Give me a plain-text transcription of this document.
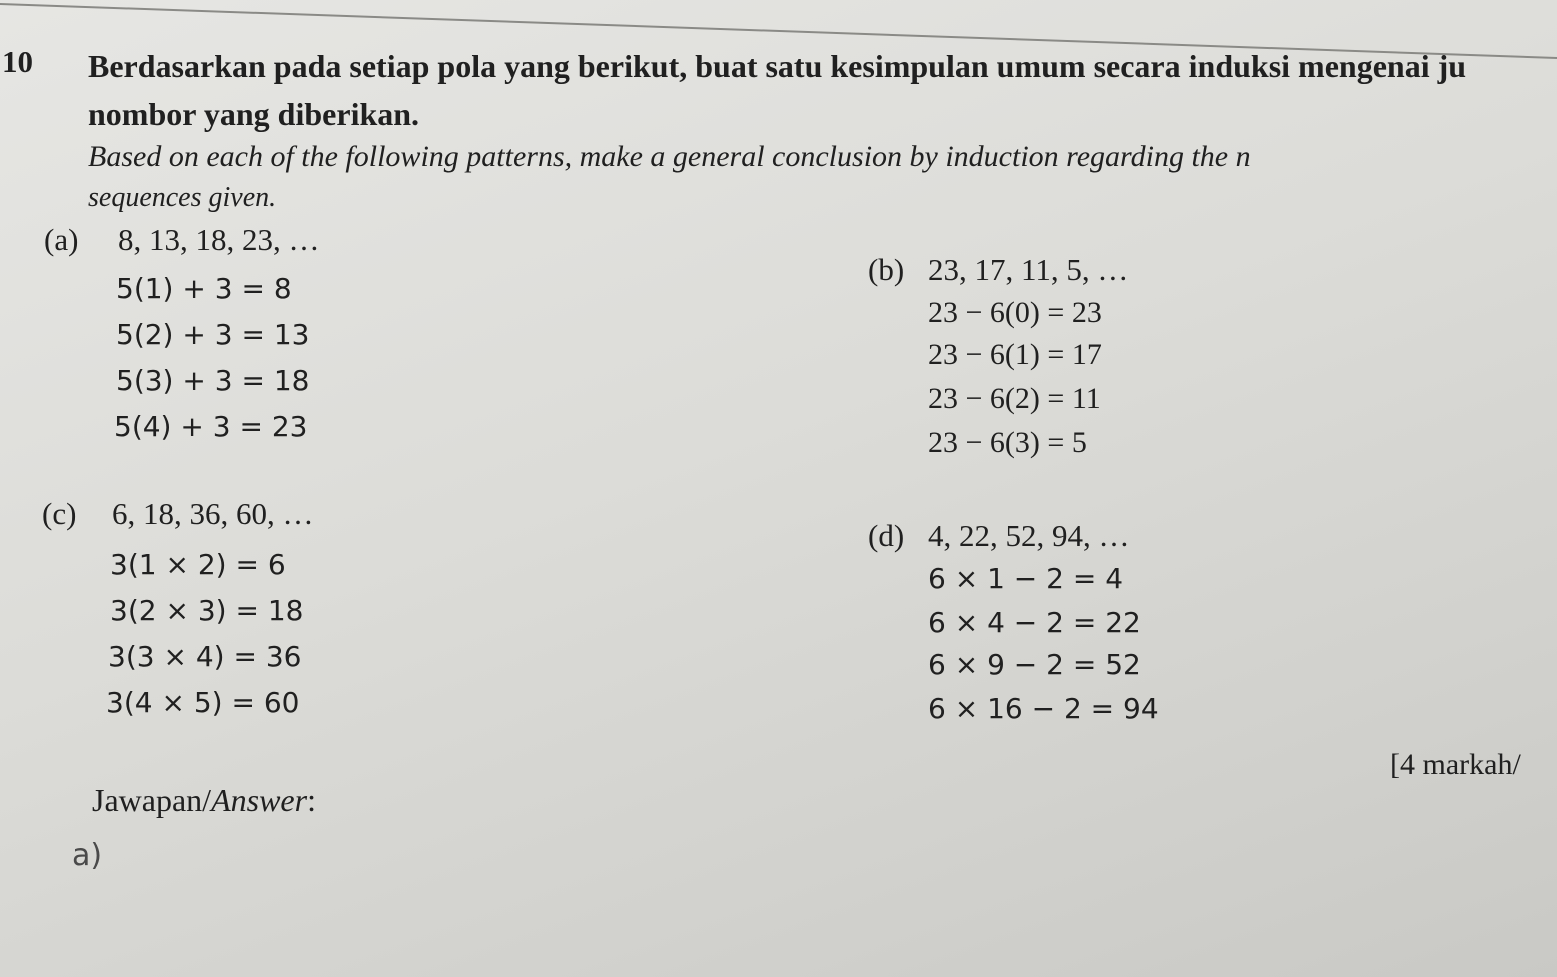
10 Berdasarkan pada setiap pola yang berikut, buat satu kesimpulan umum secara induksi mengenai ju
nombor yang diberikan.
Based on each of the following patterns, make a general conclusion by induction regarding the n
sequences given.
(a) 8, 13, 18, 23, …
5(1) + 3 = 8
5(2) + 3 = 13
5(3) + 3 = 18
5(4) + 3 = 23
(b) 23, 17, 11, 5, …
23 − 6(0) = 23
23 − 6(1) = 17
23 − 6(2) = 11
23 − 6(3) = 5
(c) 6, 18, 36, 60, …
3(1 × 2) = 6
3(2 × 3) = 18
3(3 × 4) = 36
3(4 × 5) = 60
(d) 4, 22, 52, 94, …
6 × 1 − 2 = 4
6 × 4 − 2 = 22
6 × 9 − 2 = 52
6 × 16 − 2 = 94
[4 markah/
Jawapan/Answer:
a)
